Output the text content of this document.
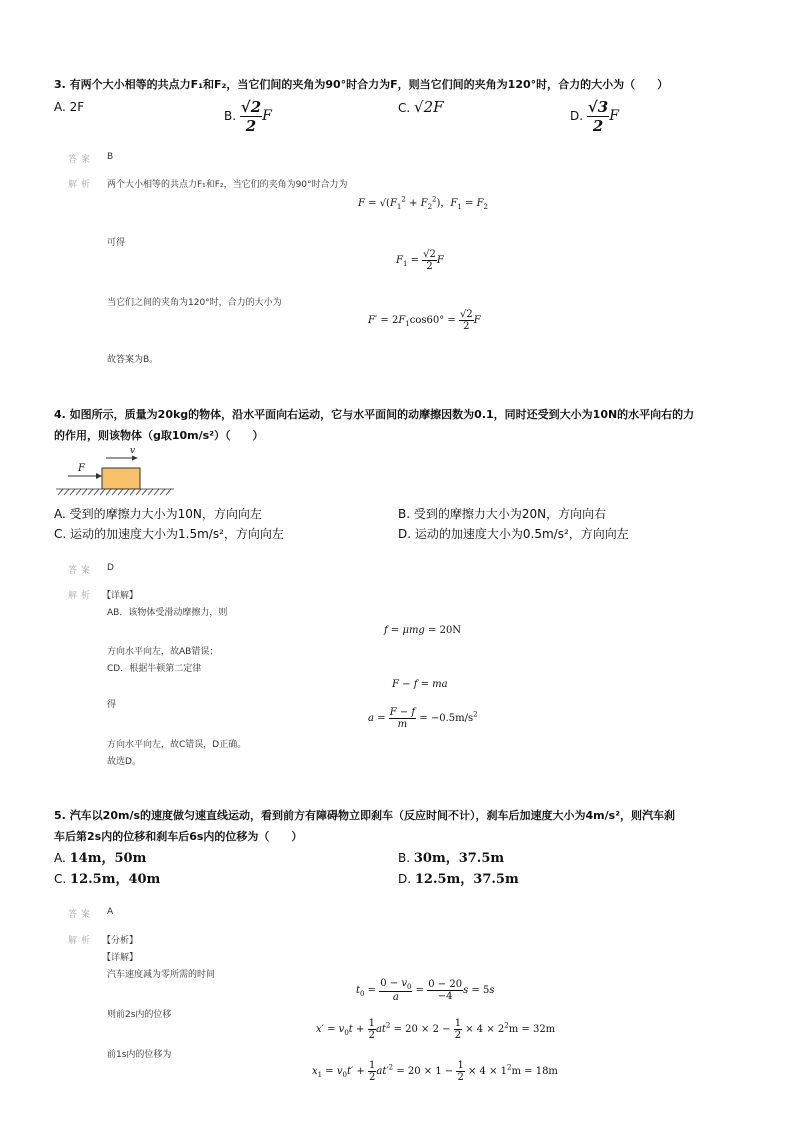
3. 有两个大小相等的共点力F₁和F₂，当它们间的夹角为90°时合力为F，则当它们间的夹角为120°时，合力的大小为（　　）
A. 2F
B. $\frac{√2}{2}$ F	C. √2F	D. $\frac{√3}{2}$ F
答案 B
解析 两个大小相等的共点力F₁和F₂，当它们的夹角为90°时合力为
$F = √(F_1^2 + F_2^2)$，$F_1 = F_2$
可得
$F_1 = \frac{√2}{2}$ F
当它们之间的夹角为120°时，合力的大小为
$F' = 2F_1\cos 60^\circ = \frac{√2}{2}$ F
故答案为B。
4. 如图所示，质量为20kg的物体，沿水平面向右运动，它与水平面间的动摩擦因数为0.1，同时还受到大小为10N的水平向右的力
的作用，则该物体（g取10m/s²）（　　）
F
v
A. 受到的摩擦力大小为10N，方向向左	B. 受到的摩擦力大小为20N，方向向右
C. 运动的加速度大小为1.5m/s²，方向向左	D. 运动的加速度大小为0.5m/s²，方向向左
答案 D
解析 【详解】
AB．该物体受滑动摩擦力，则
f = μmg = 20N
方向水平向左，故AB错误；
CD．根据牛顿第二定律
F − f = ma
得
$a = \frac{F - f}{m} = -0.5m/s^2$
方向水平向左，故C错误，D正确。
故选D。
5. 汽车以20m/s的速度做匀速直线运动，看到前方有障碍物立即刹车（反应时间不计），刹车后加速度大小为4m/s²，则汽车刹
车后第2s内的位移和刹车后6s内的位移为（　　）
A. 14m，50m	B. 30m，37.5m
C. 12.5m，40m	D. 12.5m，37.5m
答案 A
解析 【分析】
【详解】
汽车速度减为零所需的时间
$t_0 = \frac{0 - v_0}{a} = \frac{0 - 20}{-4}$ s = 5s
则前2s内的位移
$x' = v_0t + \frac{1}{2} at^2 = 20 \times 2 - \frac{1}{2} \times 4 \times 2^2m = 32m$
前1s内的位移为
$x_1 = v_0t' + \frac{1}{2} at'^2 = 20 \times 1 - \frac{1}{2} \times 4 \times 1^2m = 18m$
